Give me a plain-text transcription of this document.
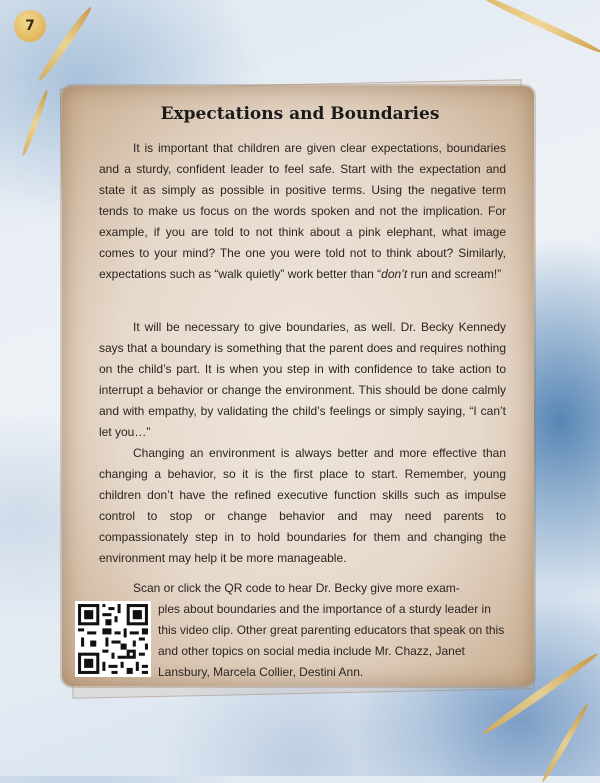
7
Expectations and Boundaries

It is important that children are given clear expectations, boundaries and a sturdy, confident leader to feel safe. Start with the expectation and state it as simply as possible in positive terms. Using the negative term tends to make us focus on the words spoken and not the implication. For example, if you are told to not think about a pink elephant, what image comes to your mind? The one you were told not to think about? Similarly, expectations such as “walk quietly” work better than “don’t run and scream!”

It will be necessary to give boundaries, as well. Dr. Becky Kennedy says that a boundary is something that the parent does and requires nothing on the child’s part. It is when you step in with confidence to take action to interrupt a behavior or change the environment. This should be done calmly and with empathy, by validating the child’s feelings or simply saying, “I can’t let you…”

Changing an environment is always better and more effective than changing a behavior, so it is the first place to start. Remember, young children don’t have the refined executive function skills such as impulse control to stop or change behavior and may need parents to compassionately step in to hold boundaries for them and changing the environment may help it be more manageable.

Scan or click the QR code to hear Dr. Becky give more exam-
ples about boundaries and the importance of a sturdy leader in this video clip. Other great parenting educators that speak on this and other topics on social media include Mr. Chazz, Janet Lansbury, Marcela Collier, Destini Ann.
